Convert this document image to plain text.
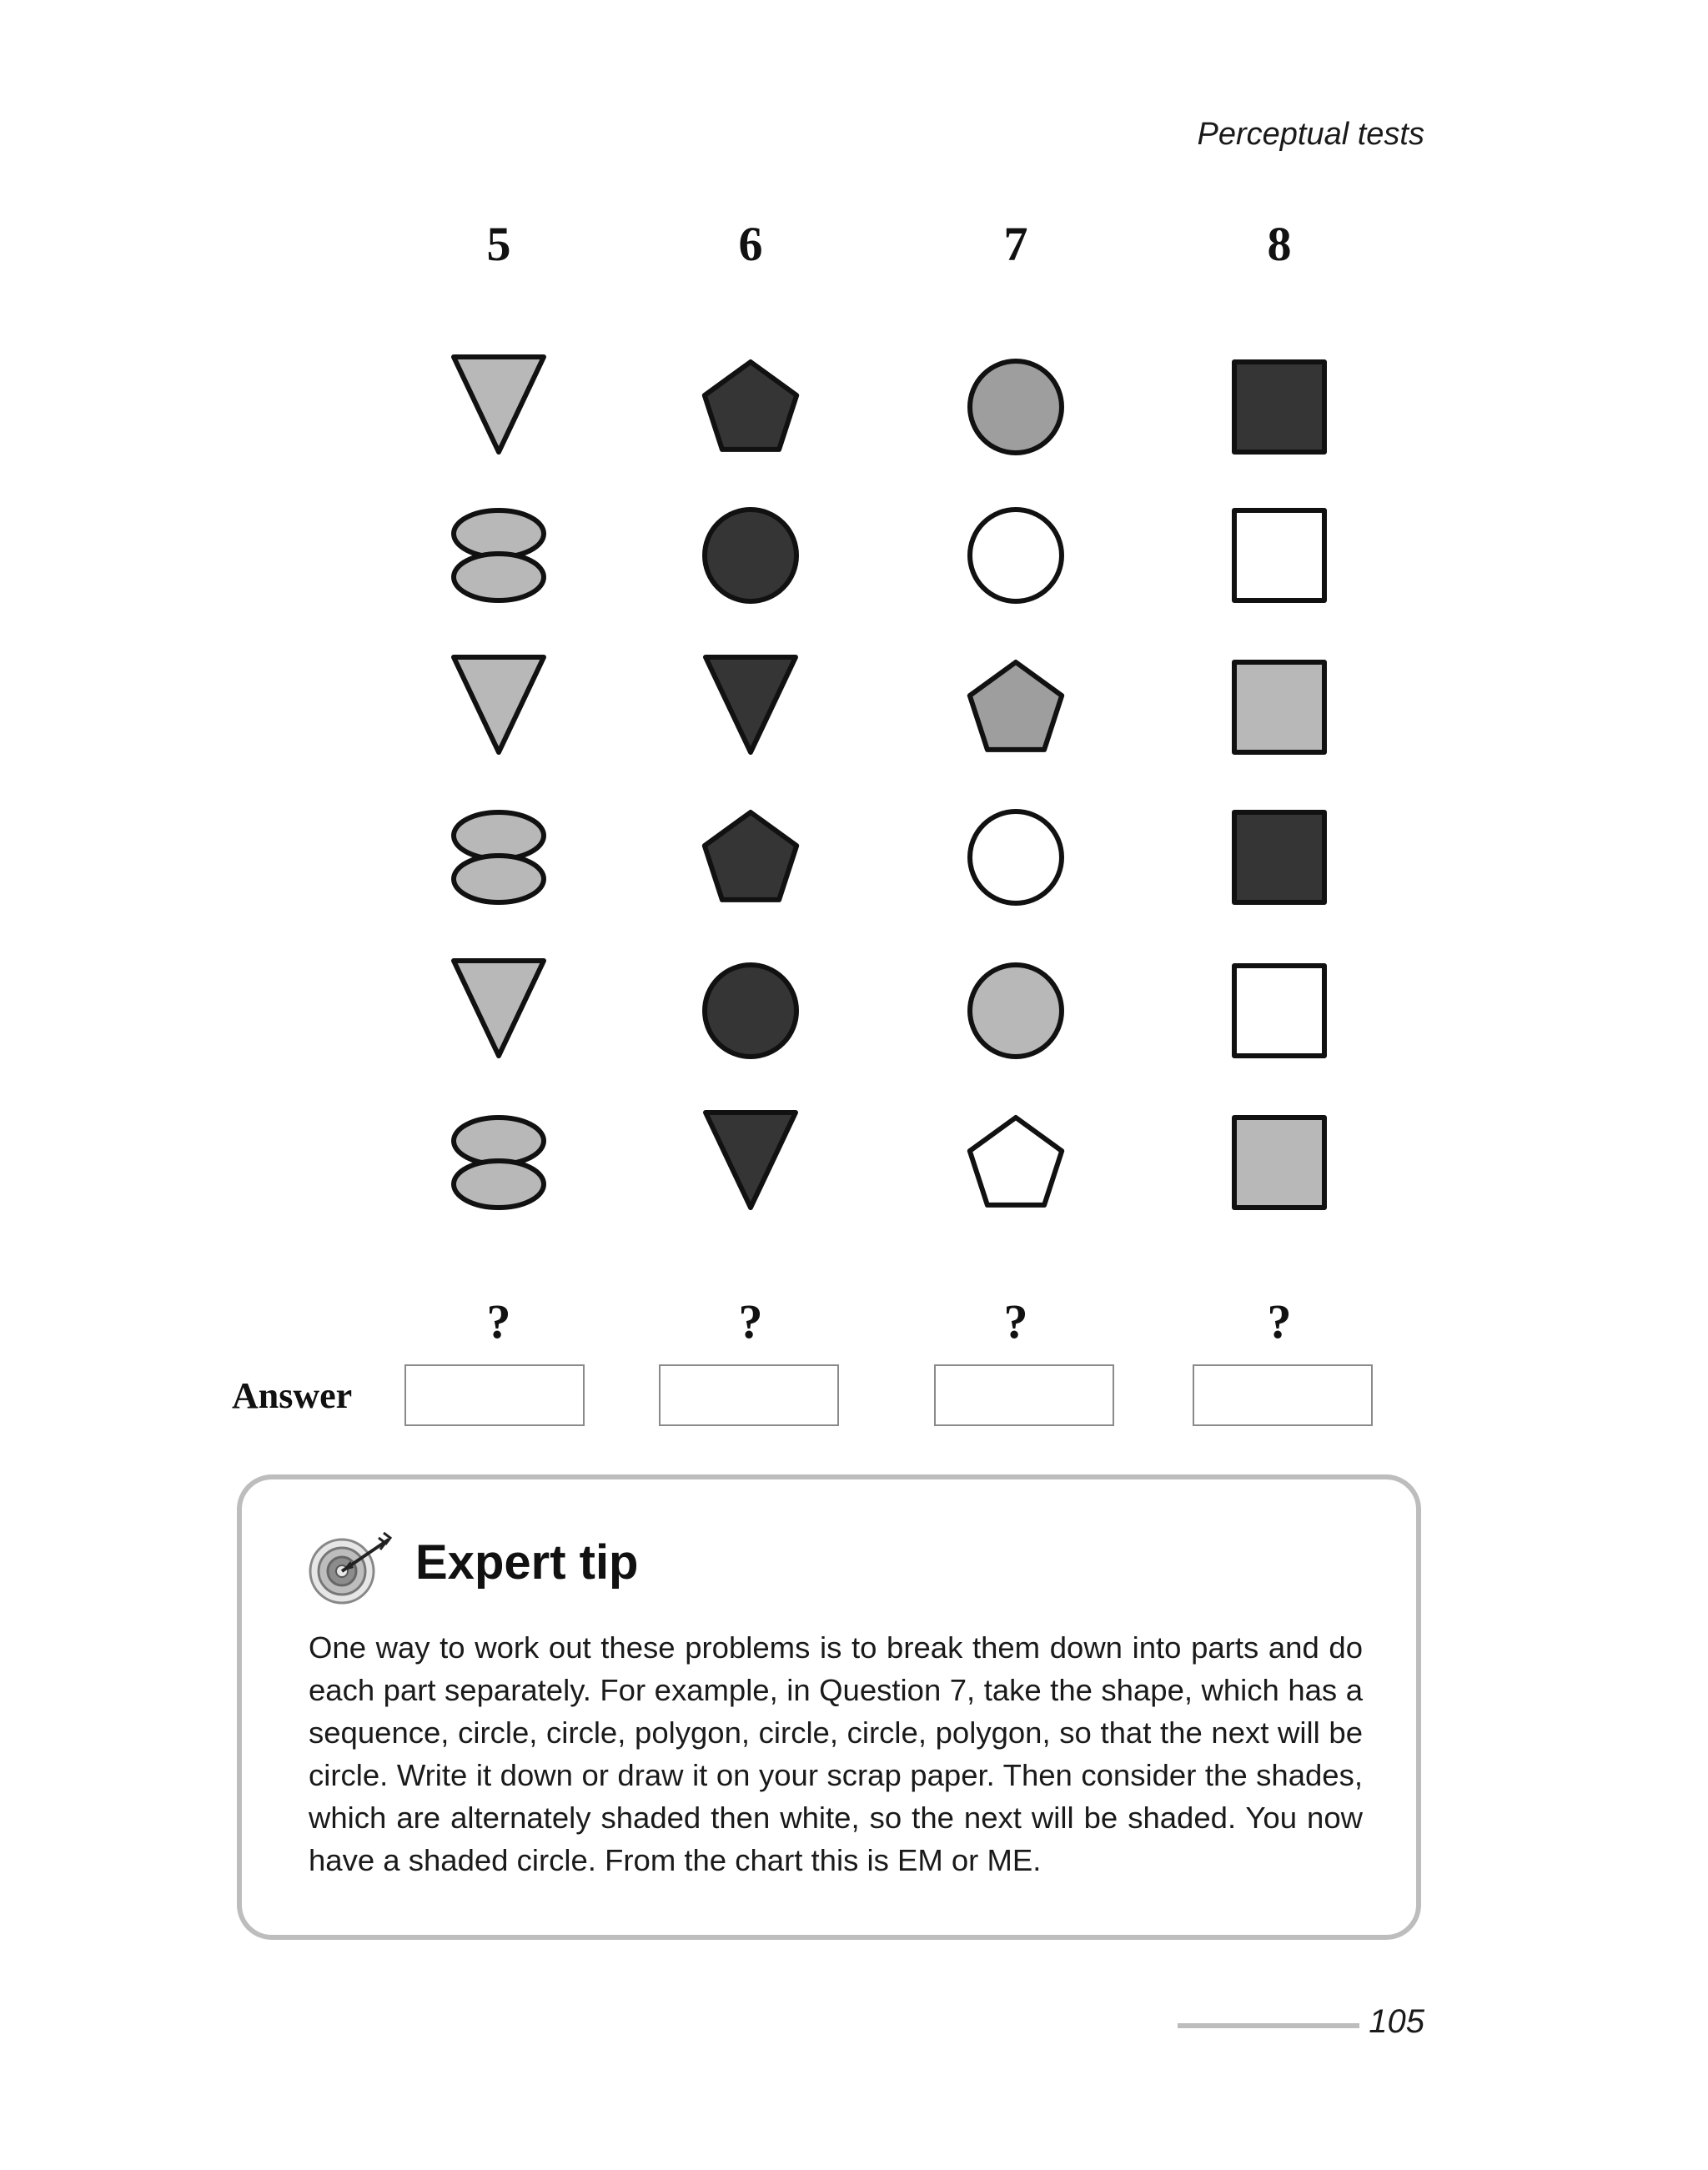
Perceptual tests
5
?
6
?
7
?
8
?
Answer
Expert tip

One way to work out these problems is to break them down into parts and do each part separately. For example, in Question 7, take the shape, which has a sequence, circle, circle, polygon, circle, circle, polygon, so that the next will be circle. Write it down or draw it on your scrap paper. Then consider the shades, which are alternately shaded then white, so the next will be shaded. You now have a shaded circle. From the chart this is EM or ME.

105
